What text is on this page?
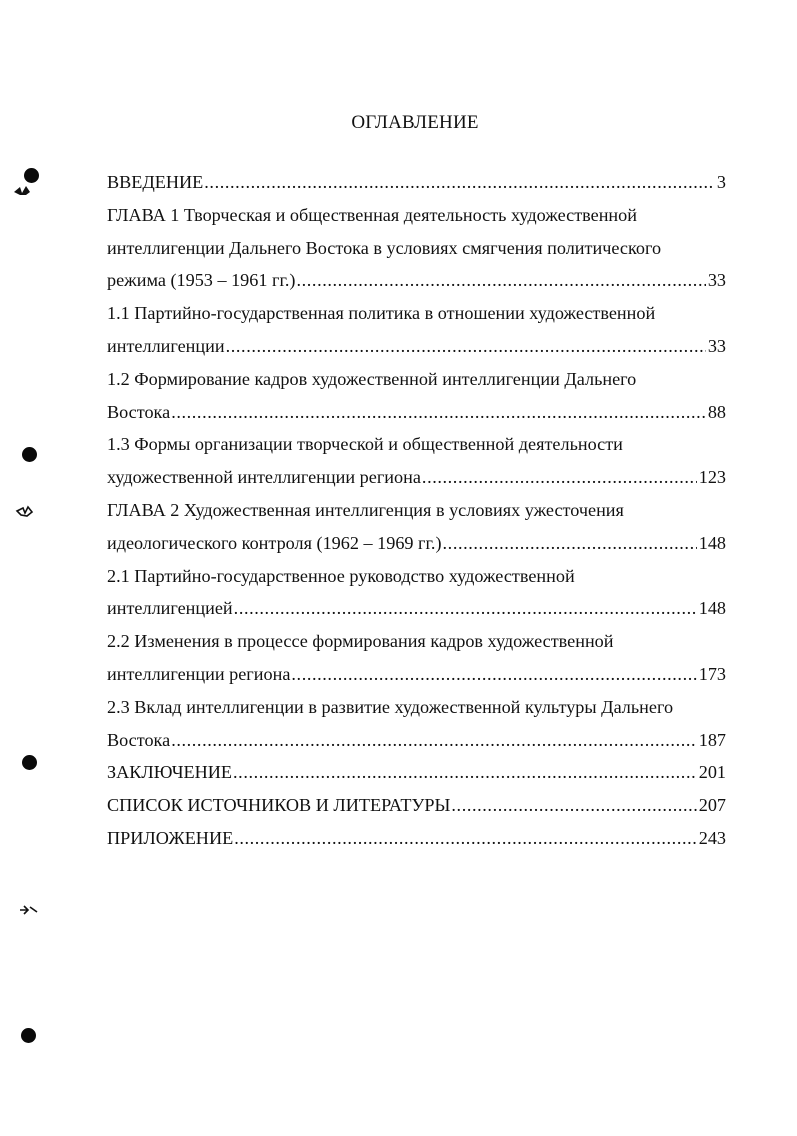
ОГЛАВЛЕНИЕ
ВВЕДЕНИЕ .....	3
ГЛАВА 1 Творческая и общественная деятельность художественной
интеллигенции Дальнего Востока в условиях смягчения политического
режима (1953 – 1961 гг.) .....	33
1.1 Партийно-государственная политика в отношении художественной
интеллигенции .....	33
1.2 Формирование кадров художественной интеллигенции Дальнего
Востока .....	88
1.3 Формы организации творческой и общественной деятельности
художественной интеллигенции региона .....	123
ГЛАВА 2 Художественная интеллигенция в условиях ужесточения
идеологического контроля (1962 – 1969 гг.) .....	148
2.1 Партийно-государственное руководство художественной
интеллигенцией .....	148
2.2 Изменения в процессе формирования кадров художественной
интеллигенции региона .....	173
2.3 Вклад интеллигенции в развитие художественной культуры Дальнего
Востока .....	187
ЗАКЛЮЧЕНИЕ .....	201
СПИСОК ИСТОЧНИКОВ И ЛИТЕРАТУРЫ .....	207
ПРИЛОЖЕНИЕ .....	243
